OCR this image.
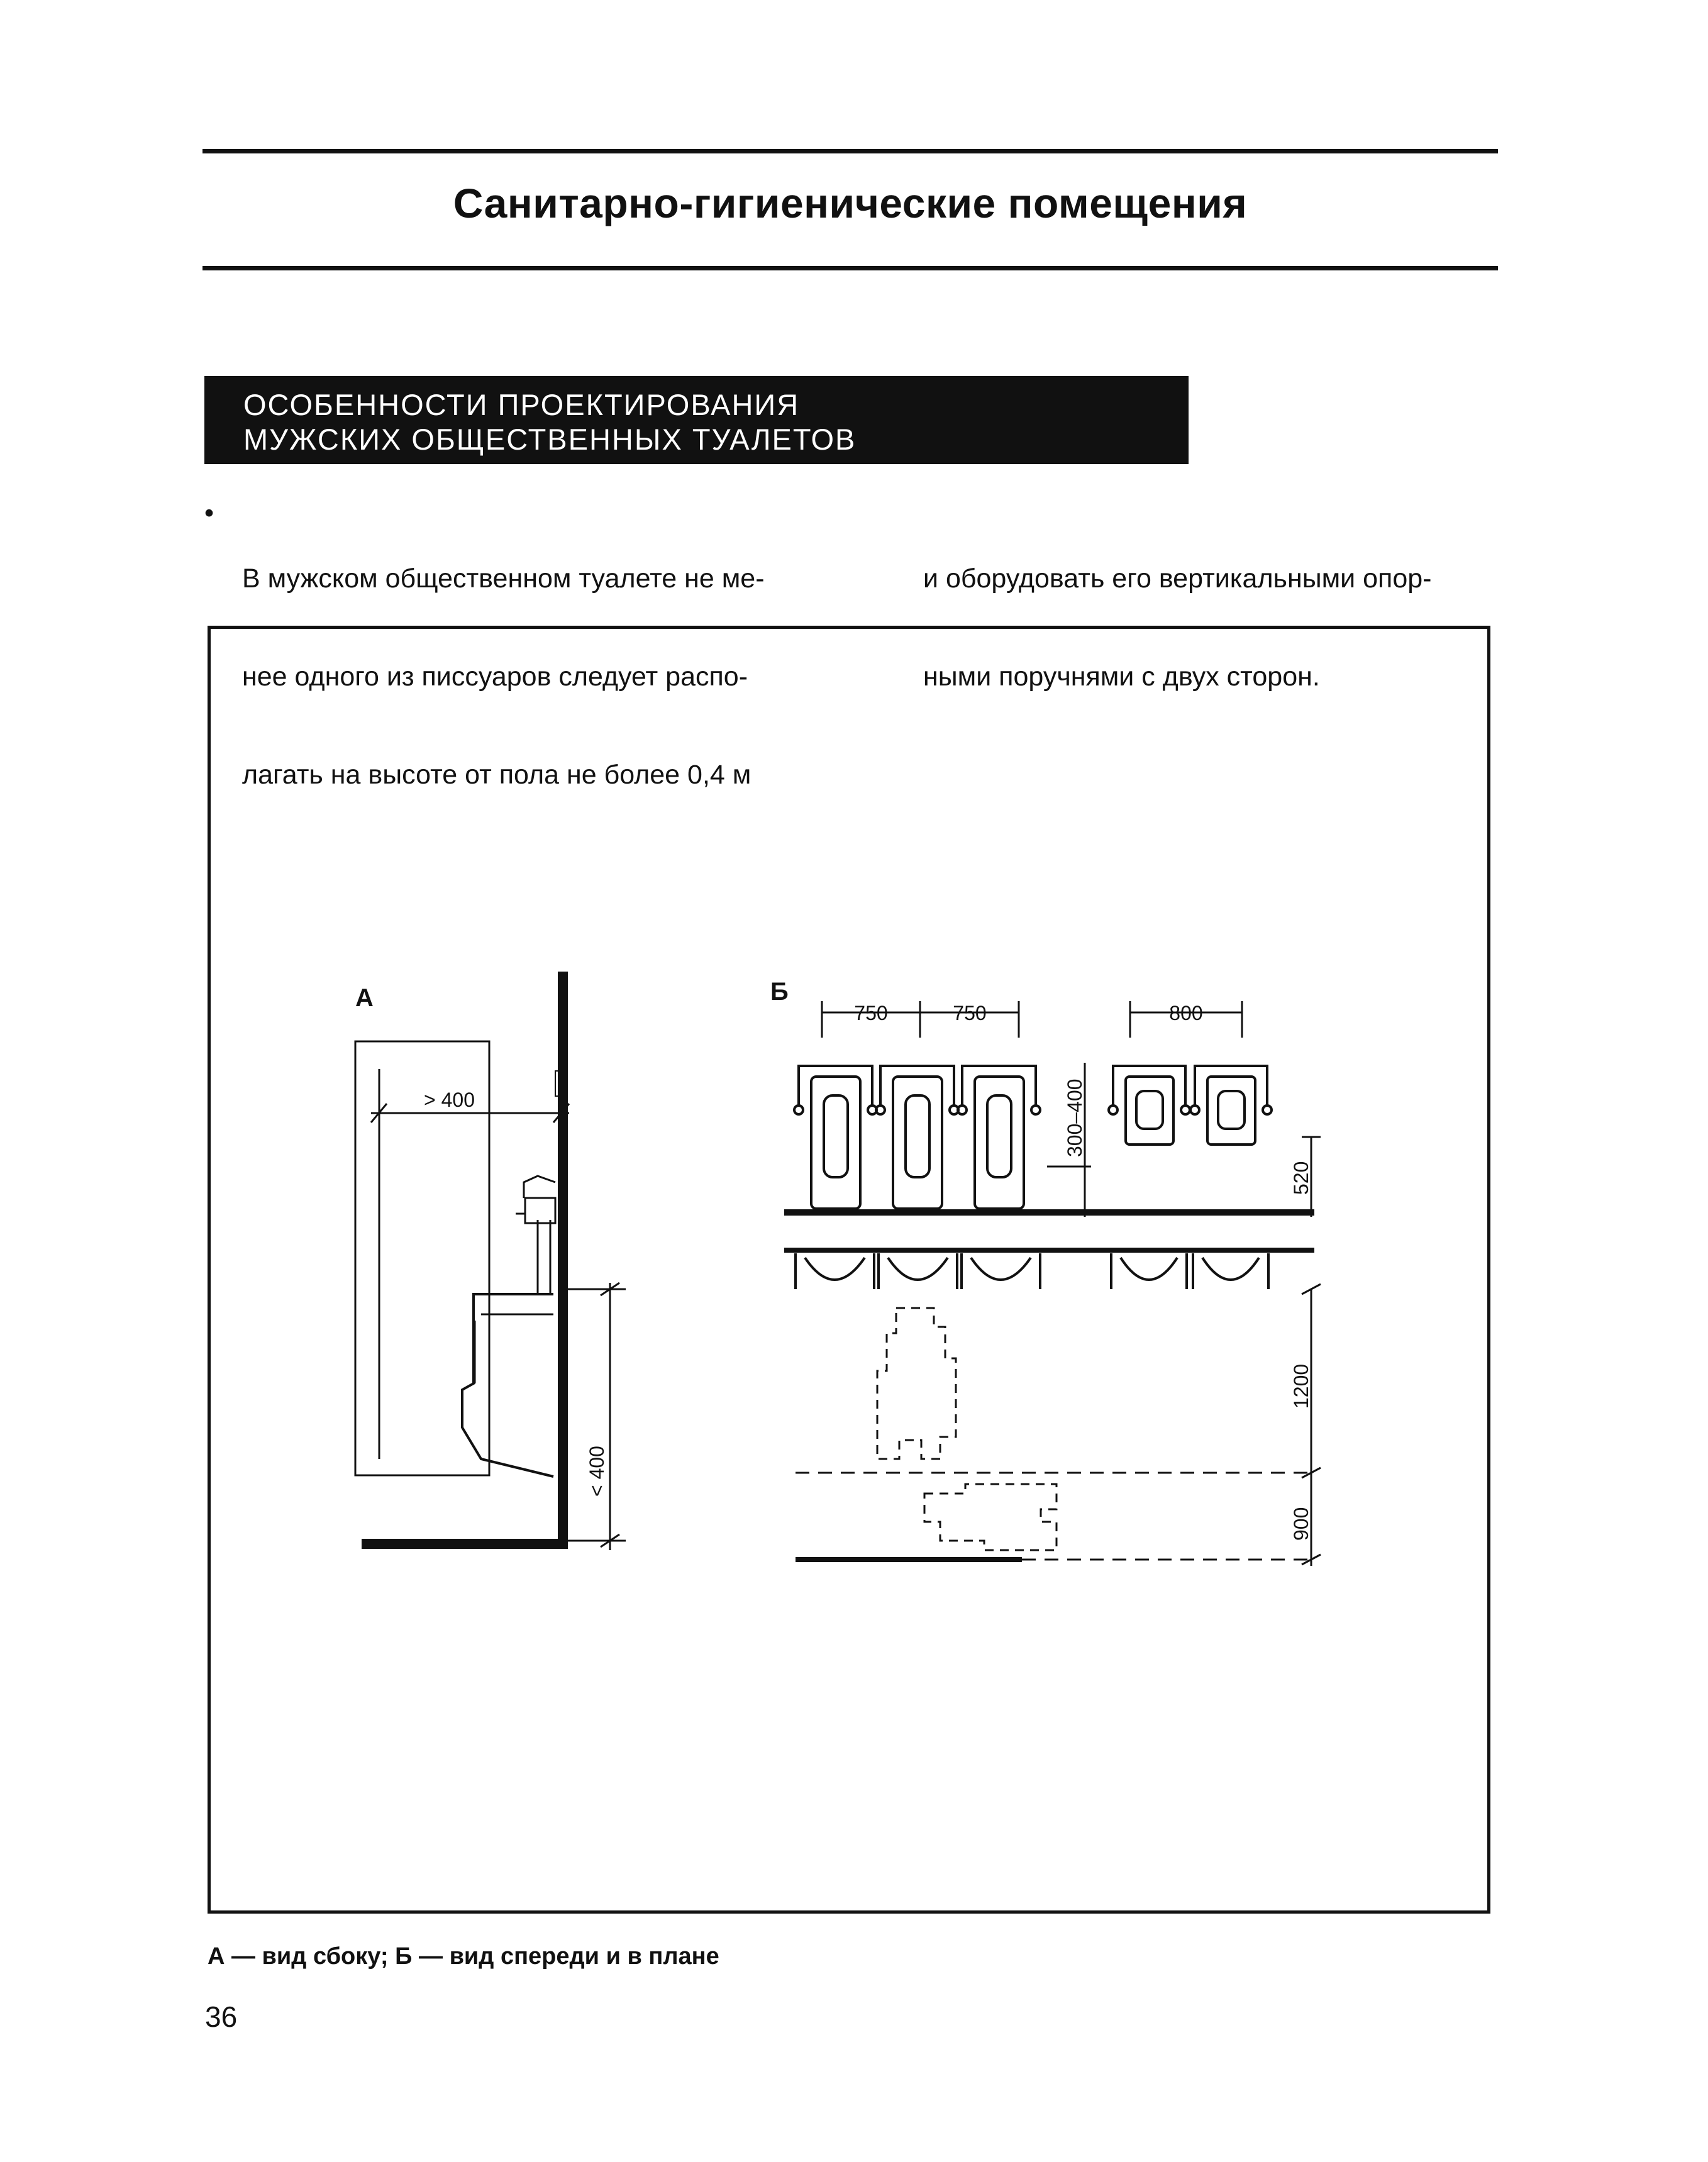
Санитарно-гигиенические помещения
ОСОБЕННОСТИ ПРОЕКТИРОВАНИЯ
МУЖСКИХ ОБЩЕСТВЕННЫХ ТУАЛЕТОВ

•

В мужском общественном туалете не ме-

нее одного из писсуаров следует распо-

лагать на высоте от пола не более 0,4 м

и оборудовать его вертикальными опор-

ными поручнями с двух сторон.

А	Б
> 400
< 400
750	750	800
300–400
520
1200
900
А — вид сбоку; Б — вид спереди и в плане
36
